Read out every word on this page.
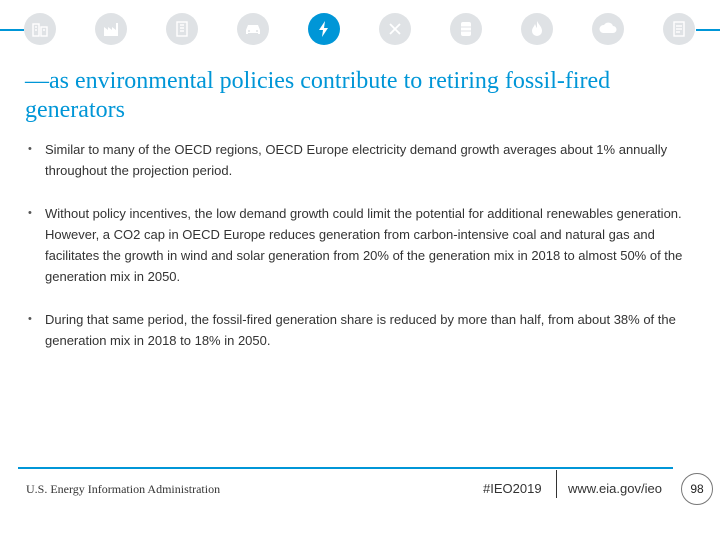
—as environmental policies contribute to retiring fossil-fired generators
• Similar to many of the OECD regions, OECD Europe electricity demand growth averages about 1% annually throughout the projection period.
• Without policy incentives, the low demand growth could limit the potential for additional renewables generation. However, a CO2 cap in OECD Europe reduces generation from carbon-intensive coal and natural gas and facilitates the growth in wind and solar generation from 20% of the generation mix in 2018 to almost 50% of the generation mix in 2050.
• During that same period, the fossil-fired generation share is reduced by more than half, from about 38% of the generation mix in 2018 to 18% in 2050.
U.S. Energy Information Administration	#IEO2019 www.eia.gov/ieo	98
